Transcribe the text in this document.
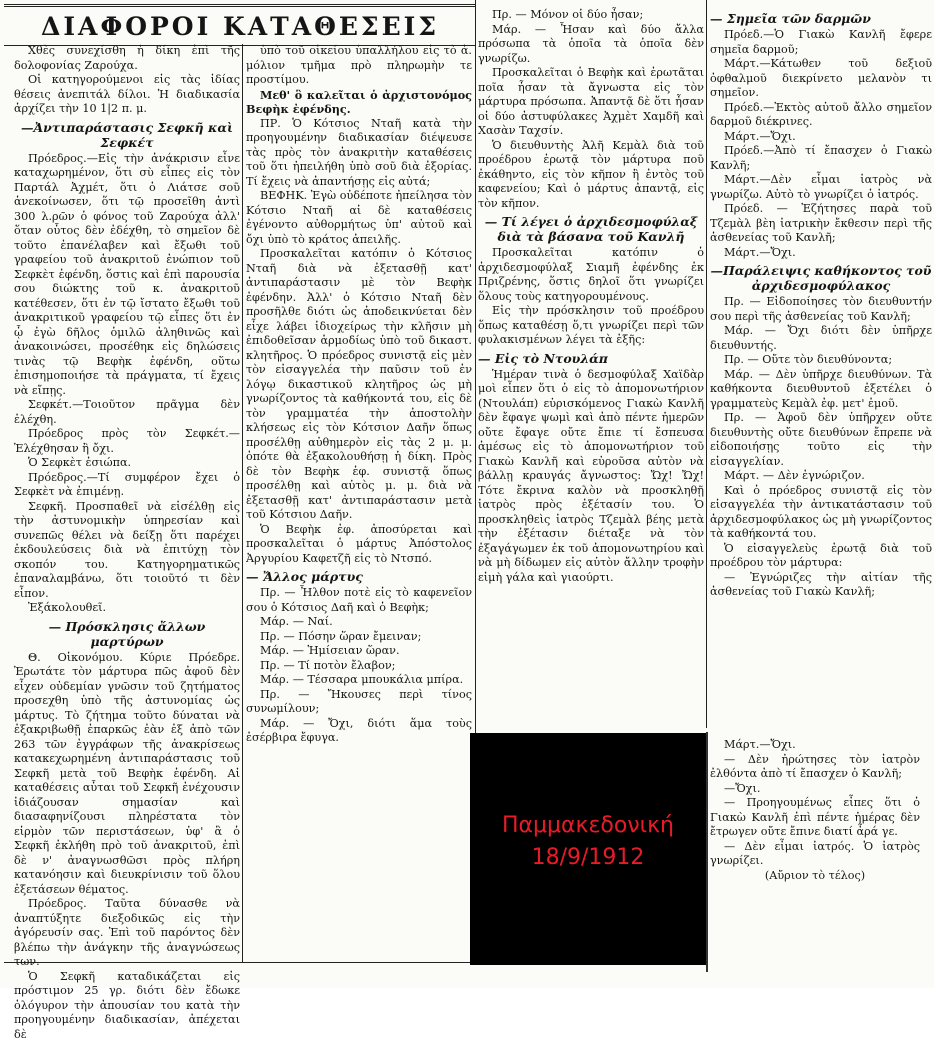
ΔΙΑΦΟΡΟΙ ΚΑΤΑΘΕΣΕΙΣ

Χθὲς συνεχίσθη ἡ δίκη ἐπὶ τῆς δολοφονίας Ζαρούχα.

Οἱ κατηγορούμενοι εἰς τὰς ἰδίας θέσεις ἀνεπιτάλ δίλοι. Ἡ διαδικασία ἀρχίζει τὴν 10 1|2 π. μ.

—Ἀντιπαράστασις Σεφκῆ καὶ Σεφκέτ

Πρόεδρος.—Εἰς τὴν ἀνάκρισιν εἶνε καταχωρημένον, ὅτι σὺ εἶπες εἰς τὸν Παρτάλ Ἀχμέτ, ὅτι ὁ Λιάτσε σοῦ ἀνεκοίνωσεν, ὅτι τῷ προσεῖθη ἀντὶ 300 λ.ρῶν ὁ φόνος τοῦ Ζαρούχα ἀλλ' ὅταν οὗτος δὲν ἐδέχθη, τὸ σημεῖον δὲ τοῦτο ἐπανέλαβεν καὶ ἔξωθι τοῦ γραφείου τοῦ ἀνακριτοῦ ἐνώπιον τοῦ Σεφκὲτ ἐφένδη, ὅστις καὶ ἐπὶ παρουσία σου διώκτης τοῦ κ. ἀνακριτοῦ κατέθεσεν, ὅτι ἐν τῷ ἴστατο ἔξωθι τοῦ ἀνακριτικοῦ γραφείου τῷ εἶπες ὅτι ἐν ᾧ ἐγὼ δῆλος ὁμιλῶ ἀληθινῶς καὶ ἀνακοινώσει, προσέθηκ εἰς δηλώσεις τινὰς τῷ Βεφὴκ ἐφένδη, οὕτω ἐπισημοποιήσε τὰ πράγματα, τί ἔχεις νὰ εἴπῃς.

Σεφκέτ.—Τοιοῦτον πρᾶγμα δὲν ἐλέχθη.

Πρόεδρος πρὸς τὸν Σεφκέτ.—Ἐλέχθησαν ἢ ὄχι.

Ὁ Σεφκὲτ ἐσιώπα.

Πρόεδρος.—Τί συμφέρον ἔχει ὁ Σεφκὲτ νὰ ἐπιμένῃ.

Σεφκῆ. Προσπαθεῖ νὰ εἰσέλθῃ εἰς τὴν ἀστυνομικὴν ὑπηρεσίαν καὶ συνεπῶς θέλει νὰ δείξῃ ὅτι παρέχει ἐκδουλεύσεις διὰ νὰ ἐπιτύχῃ τὸν σκοπόν του. Κατηγορηματικῶς ἐπαναλαμβάνω, ὅτι τοιοῦτό τι δὲν εἶπον.

Ἐξάκολουθεῖ.

— Πρόσκλησις ἄλλων μαρτύρων

Θ. Οἰκονόμου. Κύριε Πρόεδρε. Ἐρωτάτε τὸν μάρτυρα πῶς ἀφοῦ δὲν εἶχεν οὐδεμίαν γνῶσιν τοῦ ζητήματος προσεχθη ὑπὸ τῆς ἀστυνομίας ὡς μάρτυς. Τὸ ζήτημα τοῦτο δύναται νὰ ἐξακριβωθῇ ἐπαρκῶς ἐὰν ἐξ ἀπὸ τῶν 263 τῶν ἐγγράφων τῆς ἀνακρίσεως κατακεχωρημένη ἀντιπαράστασις τοῦ Σεφκῆ μετὰ τοῦ Βεφὴκ ἐφένδη. Αἱ καταθέσεις αὗται τοῦ Σεφκῆ ἐνέχουσιν ἰδιάζουσαν σημασίαν καὶ διασαφηνίζουσι πληρέστατα τὸν εἱρμὸν τῶν περιστάσεων, ὑφ' ἃ ὁ Σεφκῆ ἐκλήθη πρὸ τοῦ ἀνακριτοῦ, ἐπὶ δὲ ν' ἀναγνωσθῶσι πρὸς πλήρη κατανόησιν καὶ διευκρίνισιν τοῦ ὅλου ἐξετάσεων θέματος.

Πρόεδρος. Ταῦτα δύνασθε νὰ ἀναπτύξητε διεξοδικῶς εἰς τὴν ἀγόρευσίν σας. Ἐπὶ τοῦ παρόντος δὲν βλέπω τὴν ἀνάγκην τῆς ἀναγνώσεως των.

Ὁ Σεφκῆ καταδικάζεται εἰς πρόστιμον 25 γρ. διότι δὲν ἔδωκε ὁλόγυρον τὴν ἀπουσίαν του κατὰ τὴν προηγουμένην διαδικασίαν, ἀπέχεται δὲ

ὑπὸ τοῦ οἰκείου ὑπαλλήλου εἰς τὸ ἀ. μόλιον τμῆμα πρὸ πληρωμὴν τε προστίμου.

Μεθ' ὃ καλεῖται ὁ ἀρχιστονόμος Βεφὴκ ἐφένδης.

ΠΡ. Ὁ Κότσιος Νταῆ κατὰ τὴν προηγουμένην διαδικασίαν διέψευσε τὰς πρὸς τὸν ἀνακριτὴν καταθέσεις τοῦ ὅτι ἠπειλήθη ὑπὸ σοῦ διὰ ἐξορίας. Τί ἔχεις νὰ ἀπαντήσῃς εἰς αὐτά;

ΒΕΦΗΚ. Ἐγὼ οὐδέποτε ἠπείλησα τὸν Κότσιο Νταῆ αἱ δὲ καταθέσεις ἐγένοντο αὐθορμήτως ὑπ' αὐτοῦ καὶ ὄχι ὑπὸ τὸ κράτος ἀπειλῆς.

Προσκαλεῖται κατόπιν ὁ Κότσιος Νταῆ διὰ νὰ ἐξετασθῇ κατ' ἀντιπαράστασιν μὲ τὸν Βεφὴκ ἐφένδην. Ἀλλ' ὁ Κότσιο Νταῆ δὲν προσῆλθε διότι ὡς ἀποδεικνύεται δὲν εἶχε λάβει ἰδιοχείρως τὴν κλῆσιν μὴ ἐπιδοθεῖσαν ἁρμοδίως ὑπὸ τοῦ δικαστ. κλητῆρος. Ὁ πρόεδρος συνιστᾷ εἰς μὲν τὸν εἰσαγγελέα τὴν παῦσιν τοῦ ἐν λόγῳ δικαστικοῦ κλητῆρος ὡς μὴ γνωρίζοντος τὰ καθήκοντά του, εἰς δὲ τὸν γραμματέα τὴν ἀποστολὴν κλήσεως εἰς τὸν Κότσιον Δαῆν ὅπως προσέλθῃ αὐθημερὸν εἰς τὰς 2 μ. μ. ὁπότε θὰ ἐξακολουθήσῃ ἡ δίκη. Πρὸς δὲ τὸν Βεφὴκ ἐφ. συνιστᾷ ὅπως προσέλθῃ καὶ αὐτὸς μ. μ. διὰ νὰ ἐξετασθῇ κατ' ἀντιπαράστασιν μετὰ τοῦ Κότσιου Δαῆν.

Ὁ Βεφὴκ ἐφ. ἀποσύρεται καὶ προσκαλεῖται ὁ μάρτυς Ἀπόστολος Ἀργυρίου Καφετζῆ εἰς τὸ Ντσπό.

— Ἄλλος μάρτυς

Πρ. — Ἦλθον ποτὲ εἰς τὸ καφενεῖον σου ὁ Κότσιος Δαῆ καὶ ὁ Βεφὴκ;

Μάρ. — Ναί.

Πρ. — Πόσην ὥραν ἔμειναν;

Μάρ. — Ἡμίσειαν ὥραν.

Πρ. — Τί ποτὸν ἔλαβον;

Μάρ. — Τέσσαρα μπουκάλια μπίρα.

Πρ. — Ἤκουσες περὶ τίνος συνωμίλουν;

Μάρ. — Ὄχι, διότι ἅμα τοὺς ἐσέρβιρα ἔφυγα.

Πρ. — Μόνον οἱ δύο ἦσαν;

Μάρ. — Ἦσαν καὶ δύο ἄλλα πρόσωπα τὰ ὁποῖα τὰ ὁποῖα δὲν γνωρίζω.

Προσκαλεῖται ὁ Βεφὴκ καὶ ἐρωτᾶται ποῖα ἦσαν τὰ ἄγνωστα εἰς τὸν μάρτυρα πρόσωπα. Ἀπαντᾷ δὲ ὅτι ἦσαν οἱ δύο ἀστυφύλακες Ἀχμὲτ Χαμδῆ καὶ Χασὰν Ταχσίν.

Ὁ διευθυντὴς Ἀλῆ Κεμὰλ διὰ τοῦ προέδρου ἐρωτᾷ τὸν μάρτυρα ποῦ ἐκάθηντο, εἰς τὸν κῆπον ἢ ἐντὸς τοῦ καφενείου; Καὶ ὁ μάρτυς ἀπαντᾷ, εἰς τὸν κῆπον.

— Τί λέγει ὁ ἀρχιδεσμοφύλαξ διὰ τὰ βάσανα τοῦ Κανλῆ

Προσκαλεῖται κατόπιν ὁ ἀρχιδεσμοφύλαξ Σιαμῆ ἐφένδης ἐκ Πριζρένης, ὅστις δηλοῖ ὅτι γνωρίζει ὅλους τοὺς κατηγορουμένους.

Εἰς τὴν πρόσκλησιν τοῦ προέδρου ὅπως καταθέσῃ ὅ,τι γνωρίζει περὶ τῶν φυλακισμένων λέγει τὰ ἑξῆς:

— Εἰς τὸ Ντουλάπ

Ἡμέραν τινὰ ὁ δεσμοφύλαξ Χαϊδὰρ μοὶ εἶπεν ὅτι ὁ εἰς τὸ ἀπομονωτήριον (Ντουλάπ) εὑρισκόμενος Γιακὼ Κανλῆ δὲν ἔφαγε ψωμὶ καὶ ἀπὸ πέντε ἡμερῶν οὔτε ἔφαγε οὔτε ἔπιε τί ἔσπευσα ἀμέσως εἰς τὸ ἀπομονωτήριον τοῦ Γιακὼ Κανλῆ καὶ εὑροῦσα αὐτὸν νὰ βάλλῃ κραυγάς ἄγνωστος: Ὤχ! Ὤχ! Τότε ἔκρινα καλὸν νὰ προσκληθῇ ἰατρὸς πρὸς ἐξέτασίν του. Ὁ προσκληθεὶς ἰατρὸς Τζεμὰλ βέης μετὰ τὴν ἐξέτασιν διέταξε νὰ τὸν ἐξαγάγωμεν ἐκ τοῦ ἀπομονωτηρίου καὶ νὰ μὴ δίδωμεν εἰς αὐτὸν ἄλλην τροφὴν εἰμὴ γάλα καὶ γιαούρτι.

— Σημεῖα τῶν δαρμῶν

Πρόεδ.—Ὁ Γιακὼ Κανλῆ ἔφερε σημεῖα δαρμοῦ;

Μάρτ.—Κάτωθεν τοῦ δεξιοῦ ὀφθαλμοῦ διεκρίνετο μελανὸν τι σημεῖον.

Πρόεδ.—Ἐκτὸς αὐτοῦ ἄλλο σημεῖον δαρμοῦ διέκρινες.

Μάρτ.—Ὄχι.

Πρόεδ.—Ἀπὸ τί ἔπασχεν ὁ Γιακὼ Κανλῆ;

Μάρτ.—Δὲν εἶμαι ἰατρὸς νὰ γνωρίζω. Αὐτὸ τὸ γνωρίζει ὁ ἰατρός.

Πρόεδ. — Ἐζήτησες παρὰ τοῦ Τζεμὰλ βὲη ἰατρικὴν ἔκθεσιν περὶ τῆς ἀσθενείας τοῦ Κανλῆ;

Μάρτ.—Ὄχι.

—Παράλειψις καθήκοντος τοῦ ἀρχιδεσμοφύλακος

Πρ. — Εἰδοποίησες τὸν διευθυντήν σου περὶ τῆς ἀσθενείας τοῦ Κανλῆ;

Μάρ. — Ὄχι διότι δὲν ὑπῆρχε διευθυντής.

Πρ. — Οὔτε τὸν διευθύνοντα;

Μάρ. — Δὲν ὑπῆρχε διευθύνων. Τὰ καθήκοντα διευθυντοῦ ἐξετέλει ὁ γραμματεὺς Κεμὰλ ἐφ. μετ' ἐμοῦ.

Πρ. — Ἀφοῦ δὲν ὑπῆρχεν οὔτε διευθυντὴς οὔτε διευθύνων ἔπρεπε νὰ εἰδοποιήσῃς τοῦτο εἰς τὴν εἰσαγγελίαν.

Μάρτ. — Δὲν ἐγνώριζον.

Καὶ ὁ πρόεδρος συνιστᾷ εἰς τὸν εἰσαγγελέα τὴν ἀντικατάστασιν τοῦ ἀρχιδεσμοφύλακος ὡς μὴ γνωρίζοντος τὰ καθήκοντά του.

Ὁ εἰσαγγελεὺς ἐρωτᾷ διὰ τοῦ προέδρου τὸν μάρτυρα:

— Ἐγνώριζες τὴν αἰτίαν τῆς ἀσθενείας τοῦ Γιακὼ Κανλῆ;

Παμμακεδονική
18/9/1912

Μάρτ.—Ὄχι.

— Δὲν ἠρώτησες τὸν ἰατρὸν ἐλθόντα ἀπὸ τί ἔπασχεν ὁ Κανλῆ;

—Ὄχι.

— Προηγουμένως εἶπες ὅτι ὁ Γιακὼ Κανλῆ ἐπὶ πέντε ἡμέρας δὲν ἔτρωγεν οὔτε ἔπινε διατί ἆρά γε.

— Δὲν εἶμαι ἰατρός. Ὁ ἰατρὸς γνωρίζει.

(Αὔριον τὸ τέλος)
